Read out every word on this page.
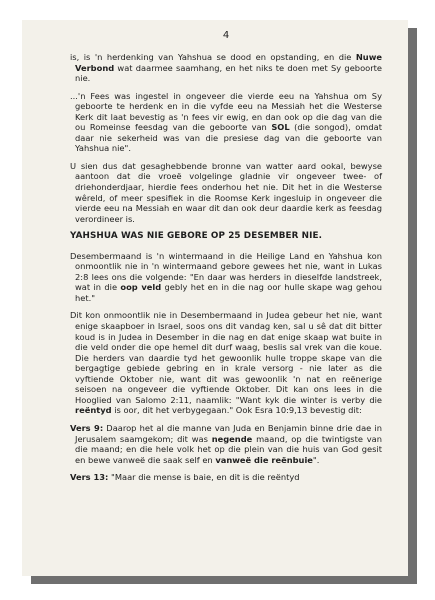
4

is, is 'n herdenking van Yahshua se dood en opstanding, en die Nuwe Verbond wat daarmee saamhang, en het niks te doen met Sy geboorte nie.

...'n Fees was ingestel in ongeveer die vierde eeu na Yahshua om Sy geboorte te herdenk en in die vyfde eeu na Messiah het die Westerse Kerk dit laat bevestig as 'n fees vir ewig, en dan ook op die dag van die ou Romeinse feesdag van die geboorte van SOL (die songod), omdat daar nie sekerheid was van die presiese dag van die geboorte van Yahshua nie".

U sien dus dat gesaghebbende bronne van watter aard ookal, bewyse aantoon dat die vroeë volgelinge gladnie vir ongeveer twee- of driehonderdjaar, hierdie fees onderhou het nie. Dit het in die Westerse wêreld, of meer spesifiek in die Roomse Kerk ingesluip in ongeveer die vierde eeu na Messiah en waar dit dan ook deur daardie kerk as feesdag verordineer is.

YAHSHUA WAS NIE GEBORE OP 25 DESEMBER NIE.

Desembermaand is 'n wintermaand in die Heilige Land en Yahshua kon onmoontlik nie in 'n wintermaand gebore gewees het nie, want in Lukas 2:8 lees ons die volgende: "En daar was herders in dieselfde landstreek, wat in die oop veld gebly het en in die nag oor hulle skape wag gehou het."

Dit kon onmoontlik nie in Desembermaand in Judea gebeur het nie, want enige skaapboer in Israel, soos ons dit vandag ken, sal u sê dat dit bitter koud is in Judea in Desember in die nag en dat enige skaap wat buite in die veld onder die ope hemel dit durf waag, beslis sal vrek van die koue. Die herders van daardie tyd het gewoonlik hulle troppe skape van die bergagtige gebiede gebring en in krale versorg - nie later as die vyftiende Oktober nie, want dit was gewoonlik 'n nat en reënerige seisoen na ongeveer die vyftiende Oktober. Dit kan ons lees in die Hooglied van Salomo 2:11, naamlik: "Want kyk die winter is verby die reëntyd is oor, dit het verbygegaan." Ook Esra 10:9,13 bevestig dit:

Vers 9: Daarop het al die manne van Juda en Benjamin binne drie dae in Jerusalem saamgekom; dit was negende maand, op die twintigste van die maand; en die hele volk het op die plein van die huis van God gesit en bewe vanweë die saak self en vanweë die reënbuie".

Vers 13: "Maar die mense is baie, en dit is die reëntyd
